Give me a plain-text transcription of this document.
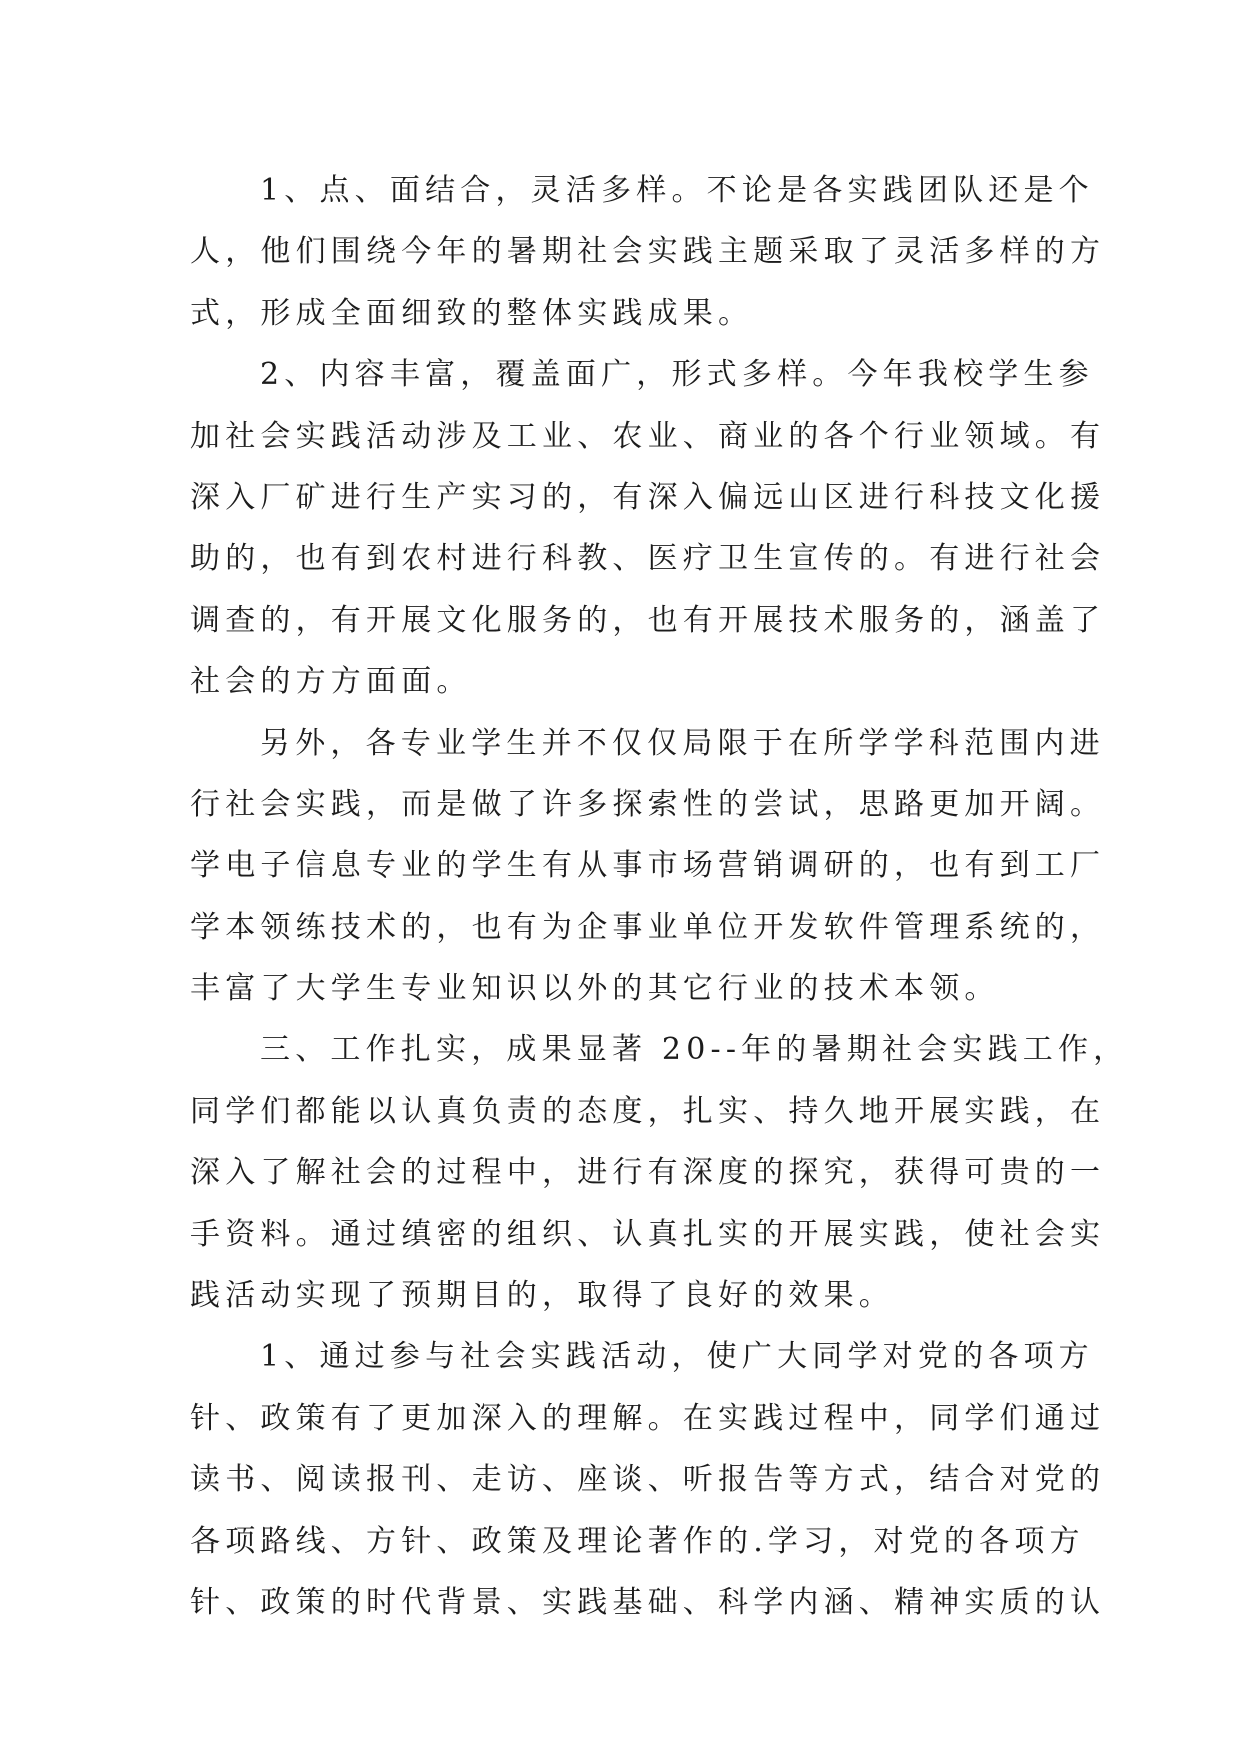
1、点、面结合，灵活多样。不论是各实践团队还是个
人，他们围绕今年的暑期社会实践主题采取了灵活多样的方
式，形成全面细致的整体实践成果。
2、内容丰富，覆盖面广，形式多样。今年我校学生参
加社会实践活动涉及工业、农业、商业的各个行业领域。有
深入厂矿进行生产实习的，有深入偏远山区进行科技文化援
助的，也有到农村进行科教、医疗卫生宣传的。有进行社会
调查的，有开展文化服务的，也有开展技术服务的，涵盖了
社会的方方面面。
另外，各专业学生并不仅仅局限于在所学学科范围内进
行社会实践，而是做了许多探索性的尝试，思路更加开阔。
学电子信息专业的学生有从事市场营销调研的，也有到工厂
学本领练技术的，也有为企事业单位开发软件管理系统的，
丰富了大学生专业知识以外的其它行业的技术本领。
三、工作扎实，成果显著 20--年的暑期社会实践工作，
同学们都能以认真负责的态度，扎实、持久地开展实践，在
深入了解社会的过程中，进行有深度的探究，获得可贵的一
手资料。通过缜密的组织、认真扎实的开展实践，使社会实
践活动实现了预期目的，取得了良好的效果。
1、通过参与社会实践活动，使广大同学对党的各项方
针、政策有了更加深入的理解。在实践过程中，同学们通过
读书、阅读报刊、走访、座谈、听报告等方式，结合对党的
各项路线、方针、政策及理论著作的.学习，对党的各项方
针、政策的时代背景、实践基础、科学内涵、精神实质的认
